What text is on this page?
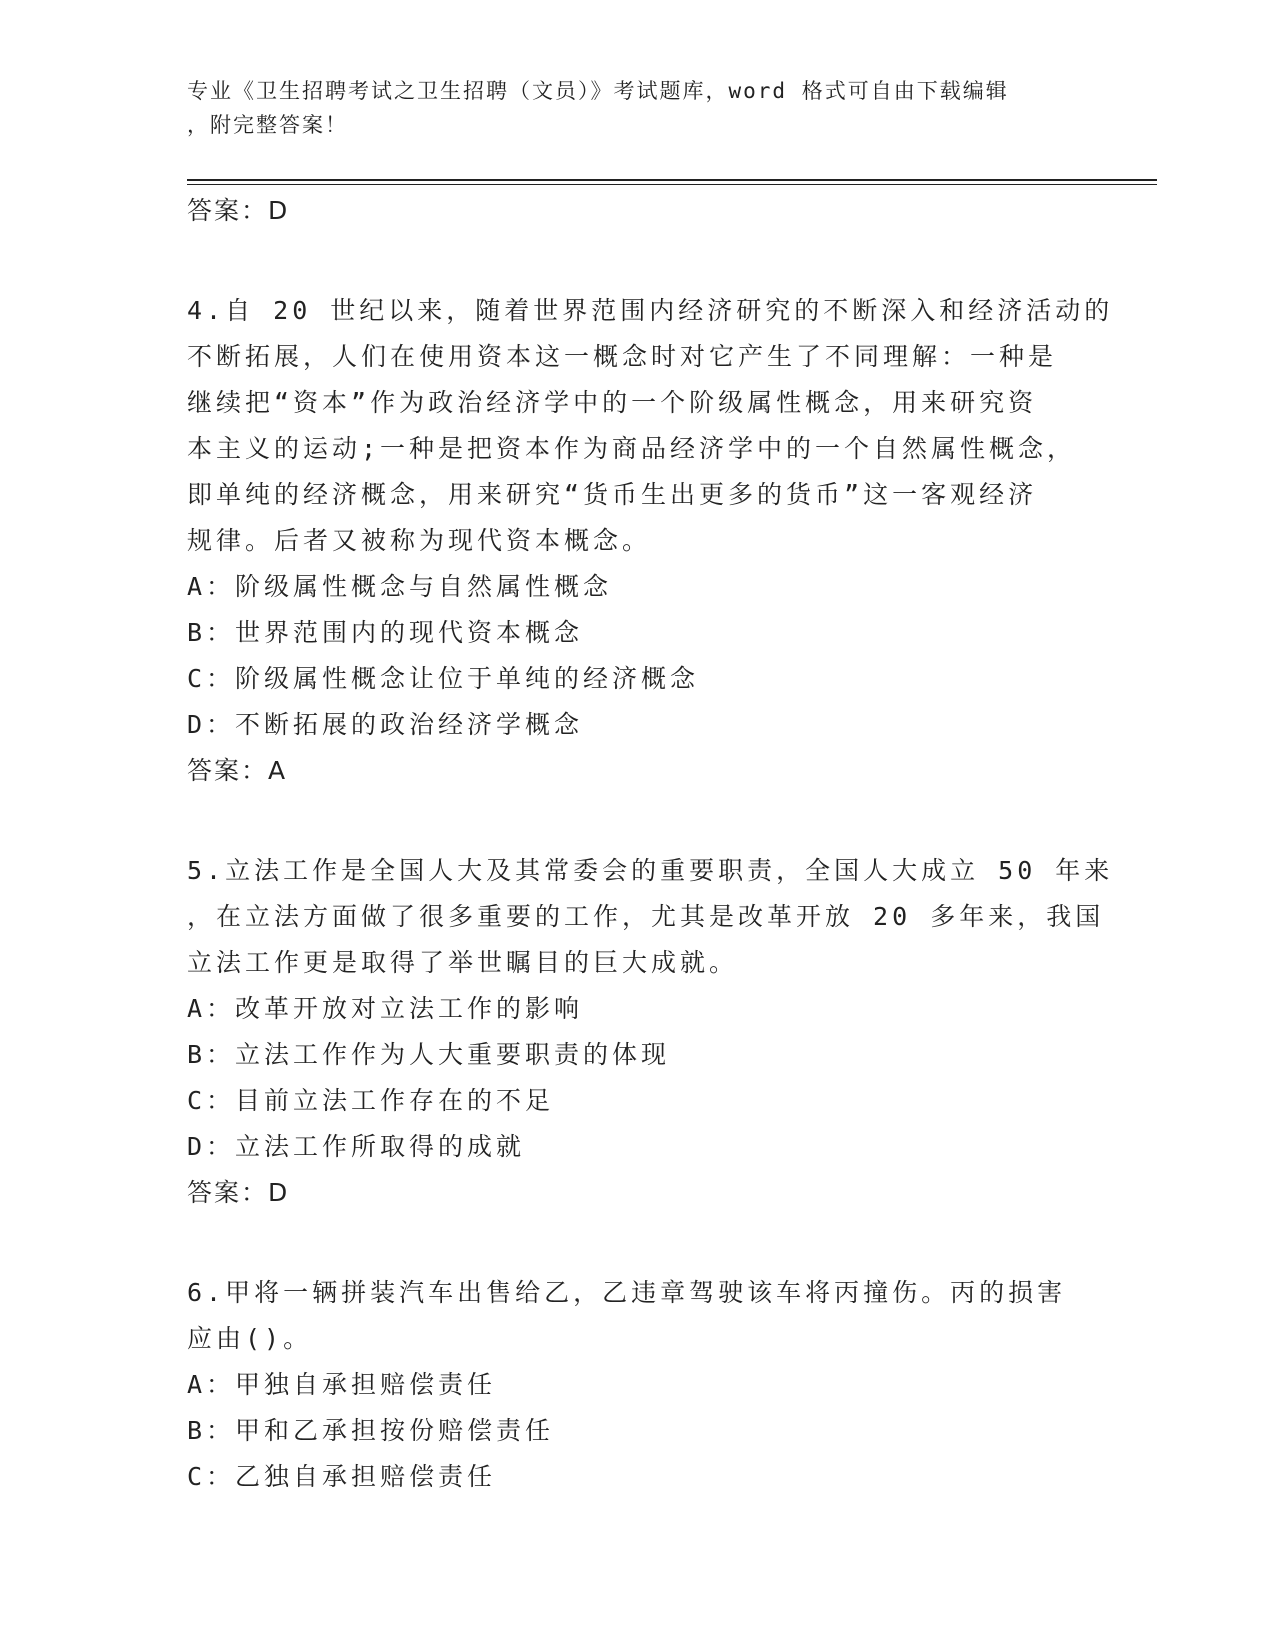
专业《卫生招聘考试之卫生招聘（文员）》考试题库，word 格式可自由下载编辑
，附完整答案！
答案：D
4.自 20 世纪以来，随着世界范围内经济研究的不断深入和经济活动的
不断拓展，人们在使用资本这一概念时对它产生了不同理解：一种是
继续把“资本”作为政治经济学中的一个阶级属性概念，用来研究资
本主义的运动;一种是把资本作为商品经济学中的一个自然属性概念，
即单纯的经济概念，用来研究“货币生出更多的货币”这一客观经济
规律。后者又被称为现代资本概念。
A：阶级属性概念与自然属性概念
B：世界范围内的现代资本概念
C：阶级属性概念让位于单纯的经济概念
D：不断拓展的政治经济学概念
答案：A
5.立法工作是全国人大及其常委会的重要职责，全国人大成立 50 年来
，在立法方面做了很多重要的工作，尤其是改革开放 20 多年来，我国
立法工作更是取得了举世瞩目的巨大成就。
A：改革开放对立法工作的影响
B：立法工作作为人大重要职责的体现
C：目前立法工作存在的不足
D：立法工作所取得的成就
答案：D
6.甲将一辆拼装汽车出售给乙，乙违章驾驶该车将丙撞伤。丙的损害
应由()。
A：甲独自承担赔偿责任
B：甲和乙承担按份赔偿责任
C：乙独自承担赔偿责任
